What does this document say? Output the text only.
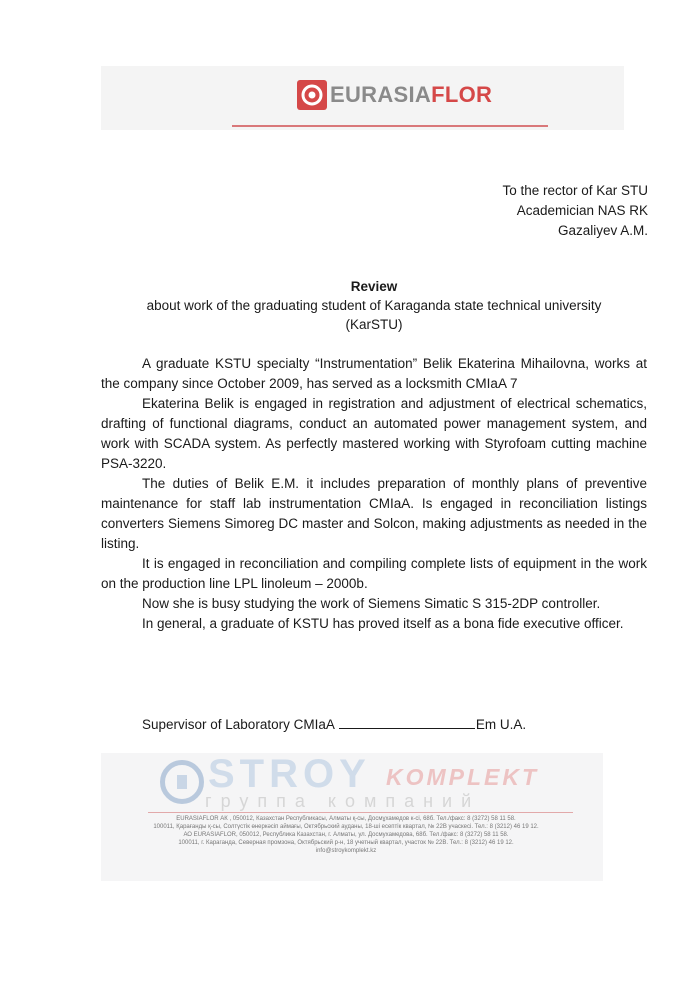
EURASIAFLOR
To the rector of Kar STU
Academician NAS RK
Gazaliyev A.M.
Review
about work of the graduating student of Karaganda state technical university
(KarSTU)

A graduate KSTU specialty “Instrumentation” Belik Ekaterina Mihailovna, works at the company since October 2009, has served as a locksmith CMIaA 7

Ekaterina Belik is engaged in registration and adjustment of electrical schematics, drafting of functional diagrams, conduct an automated power management system, and work with SCADA system. As perfectly mastered working with Styrofoam cutting machine PSA-3220.

The duties of Belik E.M. it includes preparation of monthly plans of preventive maintenance for staff lab instrumentation CMIaA. Is engaged in reconciliation listings converters Siemens Simoreg DC master and Solcon, making adjustments as needed in the listing.

It is engaged in reconciliation and compiling complete lists of equipment in the work on the production line LPL linoleum – 2000b.

Now she is busy studying the work of Siemens Simatic S 315-2DP controller.

In general, a graduate of KSTU has proved itself as a bona fide executive officer.

Supervisor of Laboratory CMIaA	Em U.A.
STROY KOMPLEKT
группа компаний
EURASIAFLOR АК , 050012, Казахстан Республикасы, Алматы қ-сы, Досмұхамедов к-сі, 68б. Тел./факс: 8 (3272) 58 11 58.
100011, Қарағанды қ-сы, Солтүстік өнеркәсіп аймағы, Октябрьский ауданы, 18-ші есептік квартал, № 22В учаскесі. Тел.: 8 (3212) 46 19 12.
АО EURASIAFLOR, 050012, Республика Казахстан, г. Алматы, ул. Досмухамедова, 68б. Тел./факс: 8 (3272) 58 11 58.
100011, г. Караганда, Северная промзона, Октябрьский р-н, 18 учетный квартал, участок № 22В. Тел.: 8 (3212) 46 19 12.
info@stroykomplekt.kz
